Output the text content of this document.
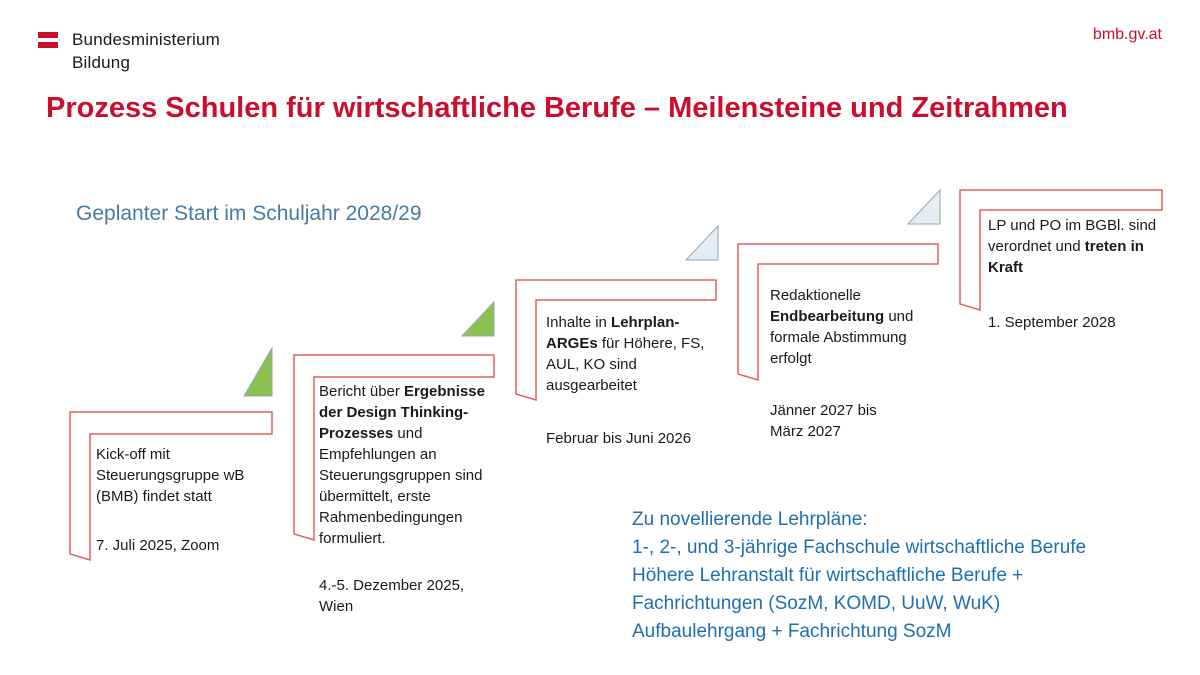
Bundesministerium
Bildung
bmb.gv.at
Prozess Schulen für wirtschaftliche Berufe – Meilensteine und Zeitrahmen
Geplanter Start im Schuljahr 2028/29
Kick-off mit Steuerungsgruppe wB (BMB) findet statt
7. Juli 2025, Zoom
Bericht über Ergebnisse der Design Thinking-Prozesses und Empfehlungen an Steuerungsgruppen sind übermittelt, erste Rahmenbedingungen formuliert.
4.-5. Dezember 2025, Wien
Inhalte in Lehrplan-ARGEs für Höhere, FS, AUL, KO sind ausgearbeitet
Februar bis Juni 2026
Redaktionelle Endbearbeitung und formale Abstimmung erfolgt
Jänner 2027 bis März 2027
LP und PO im BGBl. sind verordnet und treten in Kraft
1. September 2028
Zu novellierende Lehrpläne:
1-, 2-, und 3-jährige Fachschule wirtschaftliche Berufe
Höhere Lehranstalt für wirtschaftliche Berufe +
Fachrichtungen (SozM, KOMD, UuW, WuK)
Aufbaulehrgang + Fachrichtung SozM
